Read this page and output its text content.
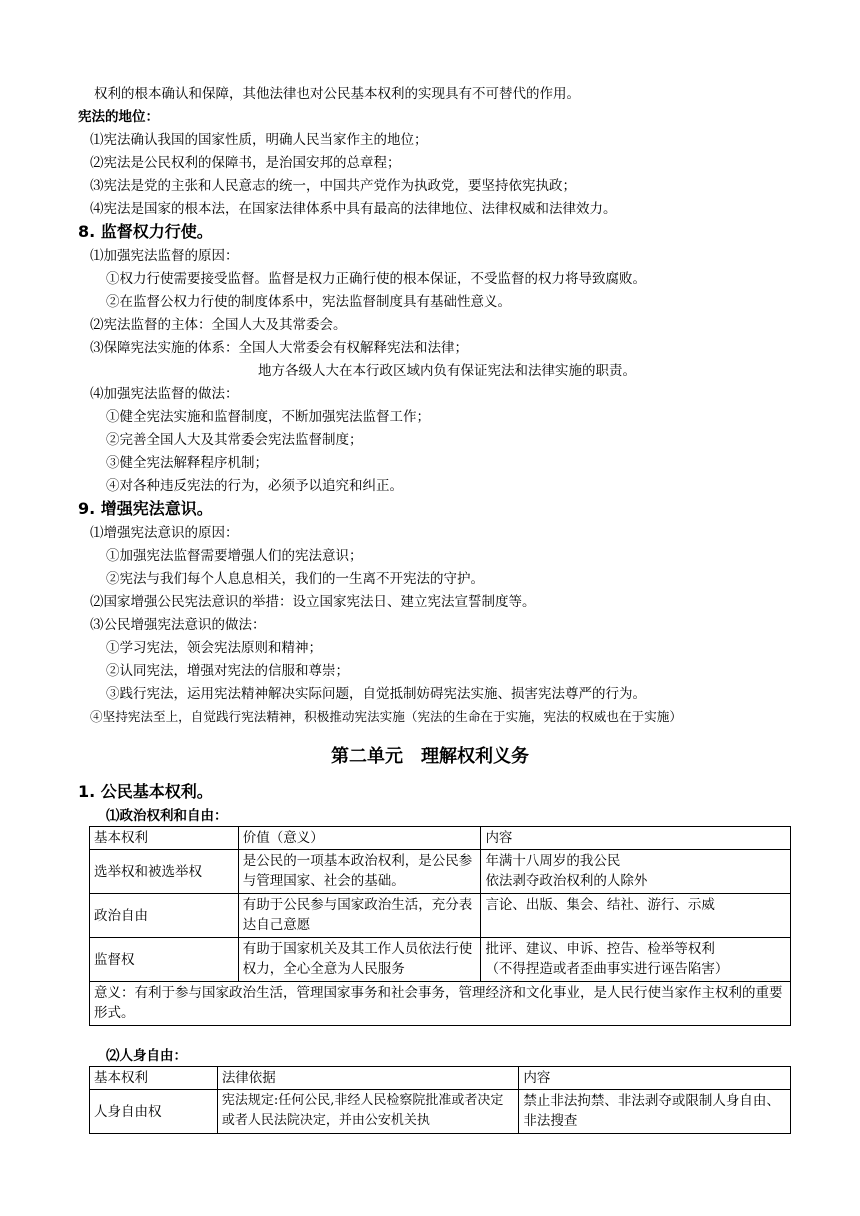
权利的根本确认和保障，其他法律也对公民基本权利的实现具有不可替代的作用。
宪法的地位：
⑴宪法确认我国的国家性质，明确人民当家作主的地位；
⑵宪法是公民权利的保障书，是治国安邦的总章程；
⑶宪法是党的主张和人民意志的统一，中国共产党作为执政党，要坚持依宪执政；
⑷宪法是国家的根本法，在国家法律体系中具有最高的法律地位、法律权威和法律效力。
8. 监督权力行使。
⑴加强宪法监督的原因：
①权力行使需要接受监督。监督是权力正确行使的根本保证，不受监督的权力将导致腐败。
②在监督公权力行使的制度体系中，宪法监督制度具有基础性意义。
⑵宪法监督的主体：全国人大及其常委会。
⑶保障宪法实施的体系：全国人大常委会有权解释宪法和法律；
地方各级人大在本行政区域内负有保证宪法和法律实施的职责。
⑷加强宪法监督的做法：
①健全宪法实施和监督制度，不断加强宪法监督工作；
②完善全国人大及其常委会宪法监督制度；
③健全宪法解释程序机制；
④对各种违反宪法的行为，必须予以追究和纠正。
9. 增强宪法意识。
⑴增强宪法意识的原因：
①加强宪法监督需要增强人们的宪法意识；
②宪法与我们每个人息息相关，我们的一生离不开宪法的守护。
⑵国家增强公民宪法意识的举措：设立国家宪法日、建立宪法宣誓制度等。
⑶公民增强宪法意识的做法：
①学习宪法，领会宪法原则和精神；
②认同宪法，增强对宪法的信服和尊崇；
③践行宪法，运用宪法精神解决实际问题，自觉抵制妨碍宪法实施、损害宪法尊严的行为。
④坚持宪法至上，自觉践行宪法精神，积极推动宪法实施（宪法的生命在于实施，宪法的权威也在于实施）
第二单元　理解权利义务
1. 公民基本权利。
⑴政治权利和自由：
基本权利	价值（意义）	内容
选举权和被选举权	是公民的一项基本政治权利，是公民参与管理国家、社会的基础。	年满十八周岁的我公民
依法剥夺政治权利的人除外

政治自由	有助于公民参与国家政治生活，充分表达自己意愿	言论、出版、集会、结社、游行、示威

监督权	有助于国家机关及其工作人员依法行使权力，全心全意为人民服务	批评、建议、申诉、控告、检举等权利
（不得捏造或者歪曲事实进行诬告陷害）

意义：有利于参与国家政治生活，管理国家事务和社会事务，管理经济和文化事业，是人民行使当家作主权利的重要形式。		
⑵人身自由：
基本权利	法律依据	内容
人身自由权	宪法规定:任何公民,非经人民检察院批准或者决定或者人民法院决定，并由公安机关执	禁止非法拘禁、非法剥夺或限制人身自由、非法搜查
